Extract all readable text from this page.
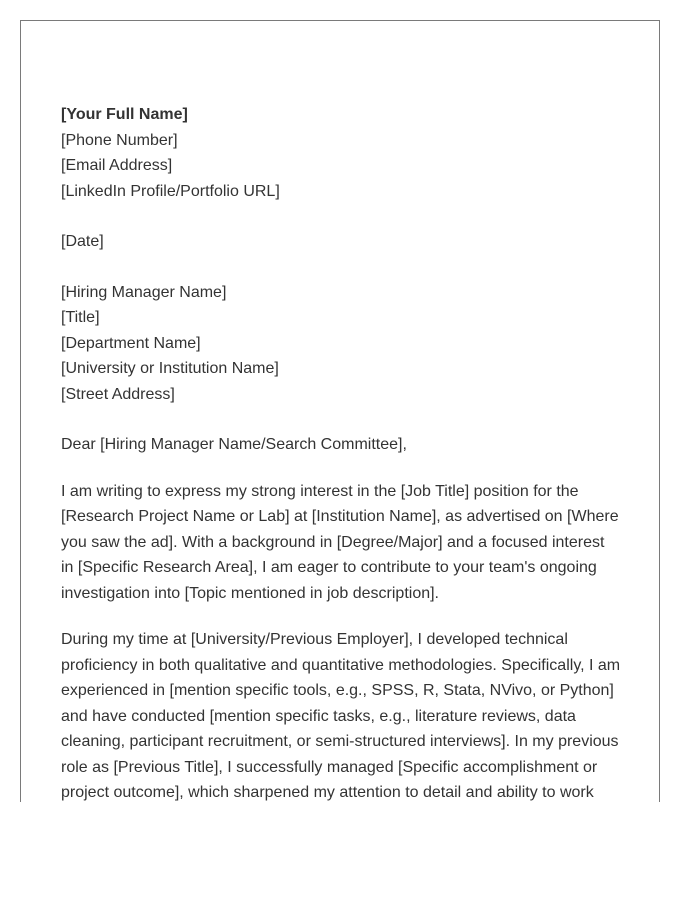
[Your Full Name]
[Phone Number]
[Email Address]
[LinkedIn Profile/Portfolio URL]
[Date]
[Hiring Manager Name]
[Title]
[Department Name]
[University or Institution Name]
[Street Address]
Dear [Hiring Manager Name/Search Committee],
I am writing to express my strong interest in the [Job Title] position for the
[Research Project Name or Lab] at [Institution Name], as advertised on [Where
you saw the ad]. With a background in [Degree/Major] and a focused interest
in [Specific Research Area], I am eager to contribute to your team's ongoing
investigation into [Topic mentioned in job description].
During my time at [University/Previous Employer], I developed technical
proficiency in both qualitative and quantitative methodologies. Specifically, I am
experienced in [mention specific tools, e.g., SPSS, R, Stata, NVivo, or Python]
and have conducted [mention specific tasks, e.g., literature reviews, data
cleaning, participant recruitment, or semi-structured interviews]. In my previous
role as [Previous Title], I successfully managed [Specific accomplishment or
project outcome], which sharpened my attention to detail and ability to work
